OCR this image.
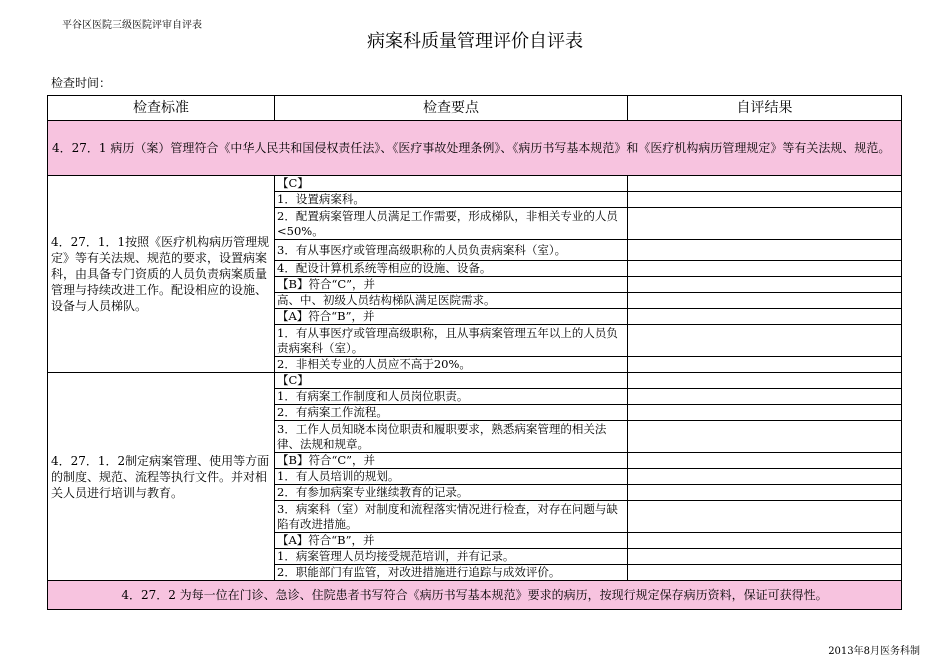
平谷区医院三级医院评审自评表
病案科质量管理评价自评表
检查时间：
检查标准	检查要点	自评结果
4．27．1 病历（案）管理符合《中华人民共和国侵权责任法》、《医疗事故处理条例》、《病历书写基本规范》和《医疗机构病历管理规定》等有关法规、规范。		
4．27．1．1按照《医疗机构病历管理规定》等有关法规、规范的要求，设置病案科，由具备专门资质的人员负责病案质量管理与持续改进工作。配设相应的设施、设备与人员梯队。	【C】	
	1．设置病案科。	
	2．配置病案管理人员满足工作需要，形成梯队，非相关专业的人员<50%。	
	3．有从事医疗或管理高级职称的人员负责病案科（室）。	
	4．配设计算机系统等相应的设施、设备。	
	【B】符合“C”，并	
	高、中、初级人员结构梯队满足医院需求。	
	【A】符合“B”，并	
	1．有从事医疗或管理高级职称，且从事病案管理五年以上的人员负责病案科（室）。	
	2．非相关专业的人员应不高于20%。	
4．27．1．2制定病案管理、使用等方面的制度、规范、流程等执行文件。并对相关人员进行培训与教育。	【C】	
	1．有病案工作制度和人员岗位职责。	
	2．有病案工作流程。	
	3．工作人员知晓本岗位职责和履职要求，熟悉病案管理的相关法律、法规和规章。	
	【B】符合“C”，并	
	1．有人员培训的规划。	
	2．有参加病案专业继续教育的记录。	
	3．病案科（室）对制度和流程落实情况进行检查，对存在问题与缺陷有改进措施。	
	【A】符合“B”，并	
	1．病案管理人员均接受规范培训，并有记录。	
	2．职能部门有监管，对改进措施进行追踪与成效评价。	
4．27．2 为每一位在门诊、急诊、住院患者书写符合《病历书写基本规范》要求的病历，按现行规定保存病历资料，保证可获得性。		
2013年8月医务科制
